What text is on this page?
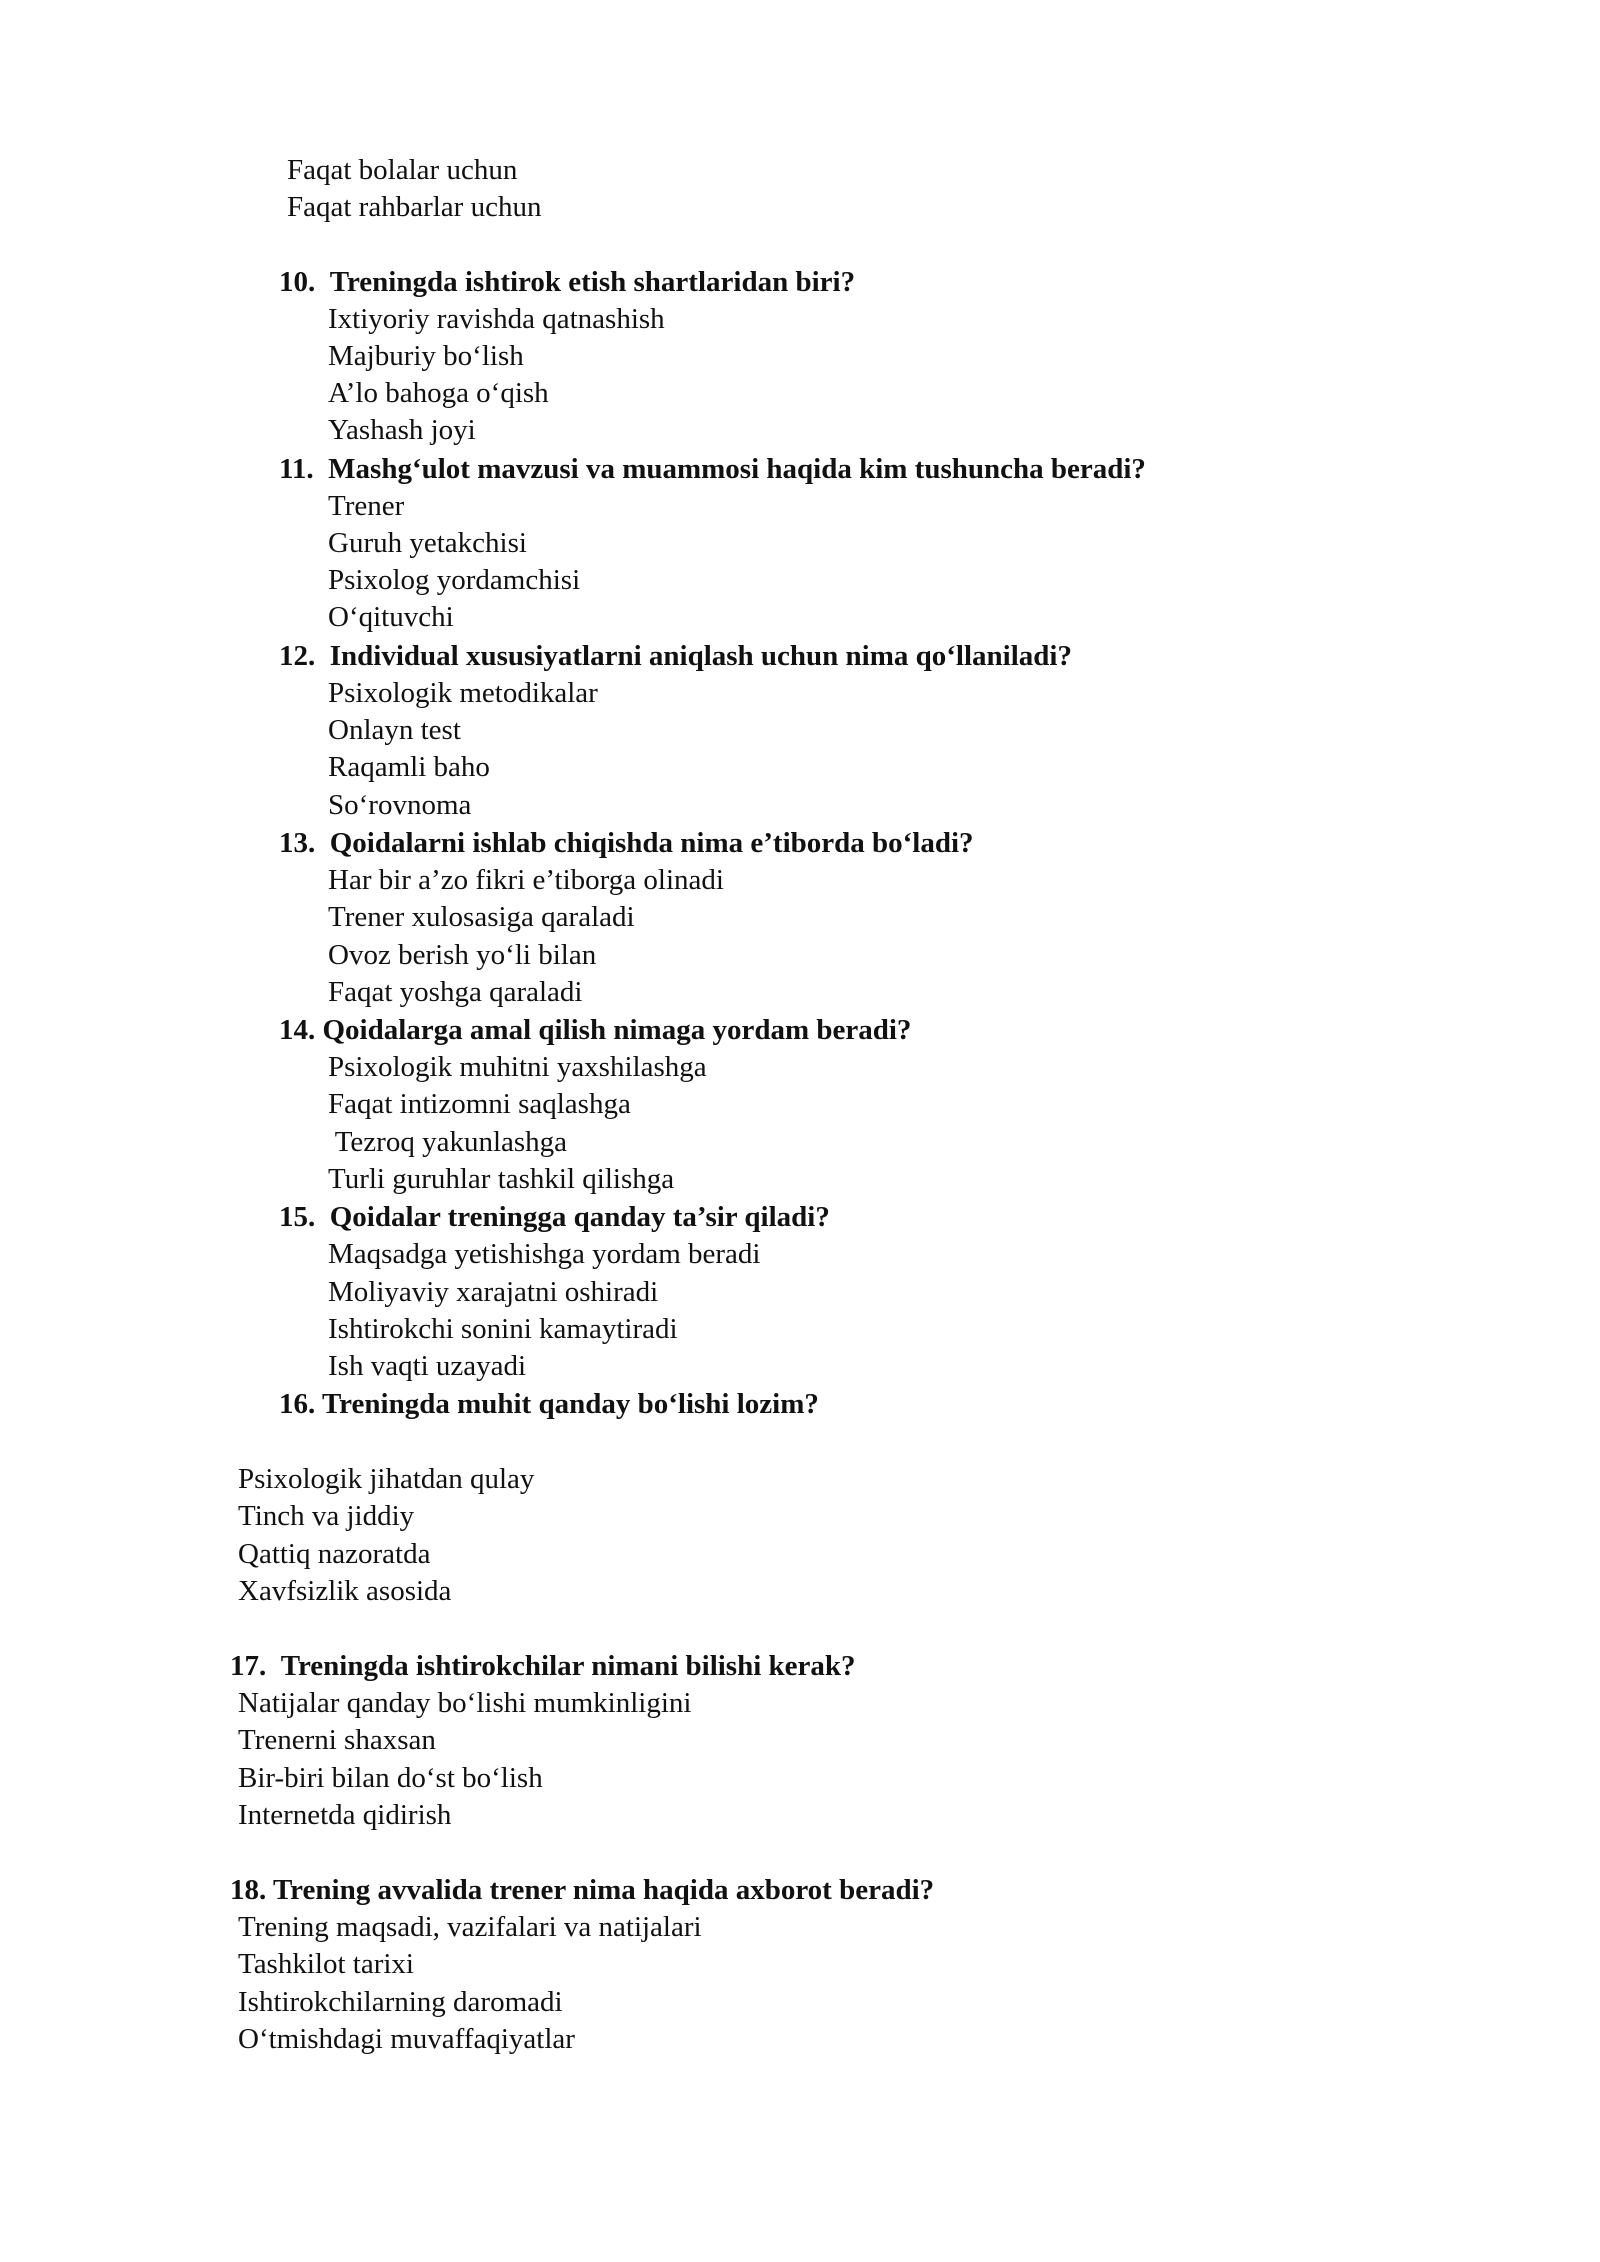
Faqat bolalar uchun
Faqat rahbarlar uchun
10. Treningda ishtirok etish shartlaridan biri?
Ixtiyoriy ravishda qatnashish
Majburiy bo‘lish
A’lo bahoga o‘qish
Yashash joyi
11. Mashg‘ulot mavzusi va muammosi haqida kim tushuncha beradi?
Trener
Guruh yetakchisi
Psixolog yordamchisi
O‘qituvchi
12. Individual xususiyatlarni aniqlash uchun nima qo‘llaniladi?
Psixologik metodikalar
Onlayn test
Raqamli baho
So‘rovnoma
13. Qoidalarni ishlab chiqishda nima e’tiborda bo‘ladi?
Har bir a’zo fikri e’tiborga olinadi
Trener xulosasiga qaraladi
Ovoz berish yo‘li bilan
Faqat yoshga qaraladi
14. Qoidalarga amal qilish nimaga yordam beradi?
Psixologik muhitni yaxshilashga
Faqat intizomni saqlashga
Tezroq yakunlashga
Turli guruhlar tashkil qilishga
15. Qoidalar treningga qanday ta’sir qiladi?
Maqsadga yetishishga yordam beradi
Moliyaviy xarajatni oshiradi
Ishtirokchi sonini kamaytiradi
Ish vaqti uzayadi
16. Treningda muhit qanday bo‘lishi lozim?
Psixologik jihatdan qulay
Tinch va jiddiy
Qattiq nazoratda
Xavfsizlik asosida
17. Treningda ishtirokchilar nimani bilishi kerak?
Natijalar qanday bo‘lishi mumkinligini
Trenerni shaxsan
Bir-biri bilan do‘st bo‘lish
Internetda qidirish
18. Trening avvalida trener nima haqida axborot beradi?
Trening maqsadi, vazifalari va natijalari
Tashkilot tarixi
Ishtirokchilarning daromadi
O‘tmishdagi muvaffaqiyatlar
